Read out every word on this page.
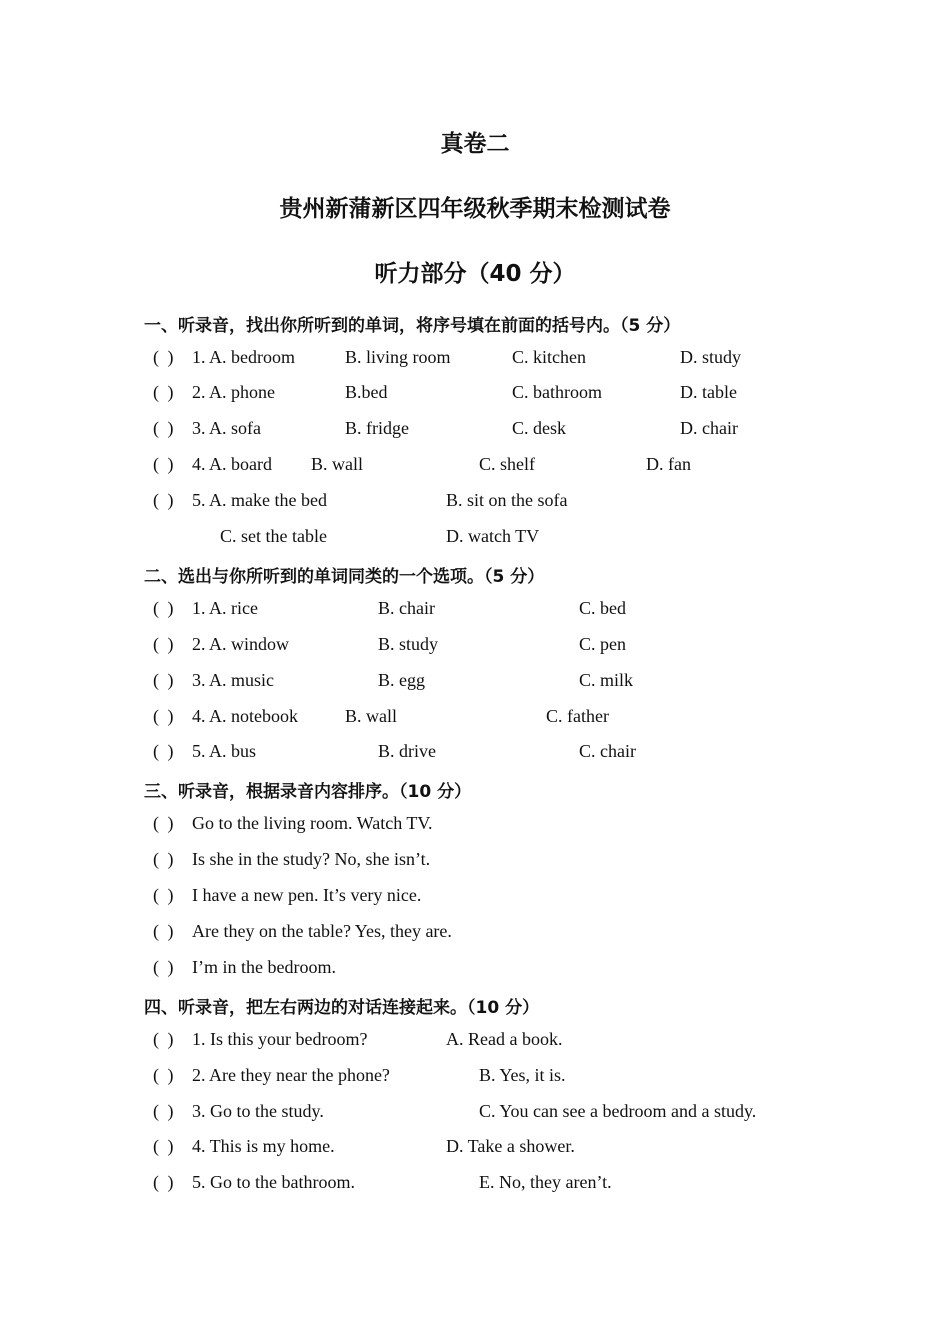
真卷二
贵州新蒲新区四年级秋季期末检测试卷
听力部分（40 分）
一、听录音，找出你所听到的单词，将序号填在前面的括号内。（5 分）
( ) 1. A. bedroom	B. living room	C. kitchen	D. study
( ) 2. A. phone	B.bed	C. bathroom	D. table
( ) 3. A. sofa	B. fridge	C. desk	D. chair
( ) 4. A. board B. wall	C. shelf	D. fan
( ) 5. A. make the bed	B. sit on the sofa
C. set the table	D. watch TV
二、选出与你所听到的单词同类的一个选项。（5 分）
( ) 1. A. rice	B. chair	C. bed
( ) 2. A. window	B. study	C. pen
( ) 3. A. music	B. egg	C. milk
( ) 4. A. notebook	B. wall	C. father
( ) 5. A. bus	B. drive	C. chair
三、听录音，根据录音内容排序。（10 分）
( ) Go to the living room. Watch TV.
( ) Is she in the study? No, she isn’t.
( ) I have a new pen. It’s very nice.
( ) Are they on the table? Yes, they are.
( ) I’m in the bedroom.
四、听录音，把左右两边的对话连接起来。（10 分）
( ) 1. Is this your bedroom?	A. Read a book.
( ) 2. Are they near the phone?	B. Yes, it is.
( ) 3. Go to the study.	C. You can see a bedroom and a study.
( ) 4. This is my home.	D. Take a shower.
( ) 5. Go to the bathroom.	E. No, they aren’t.
